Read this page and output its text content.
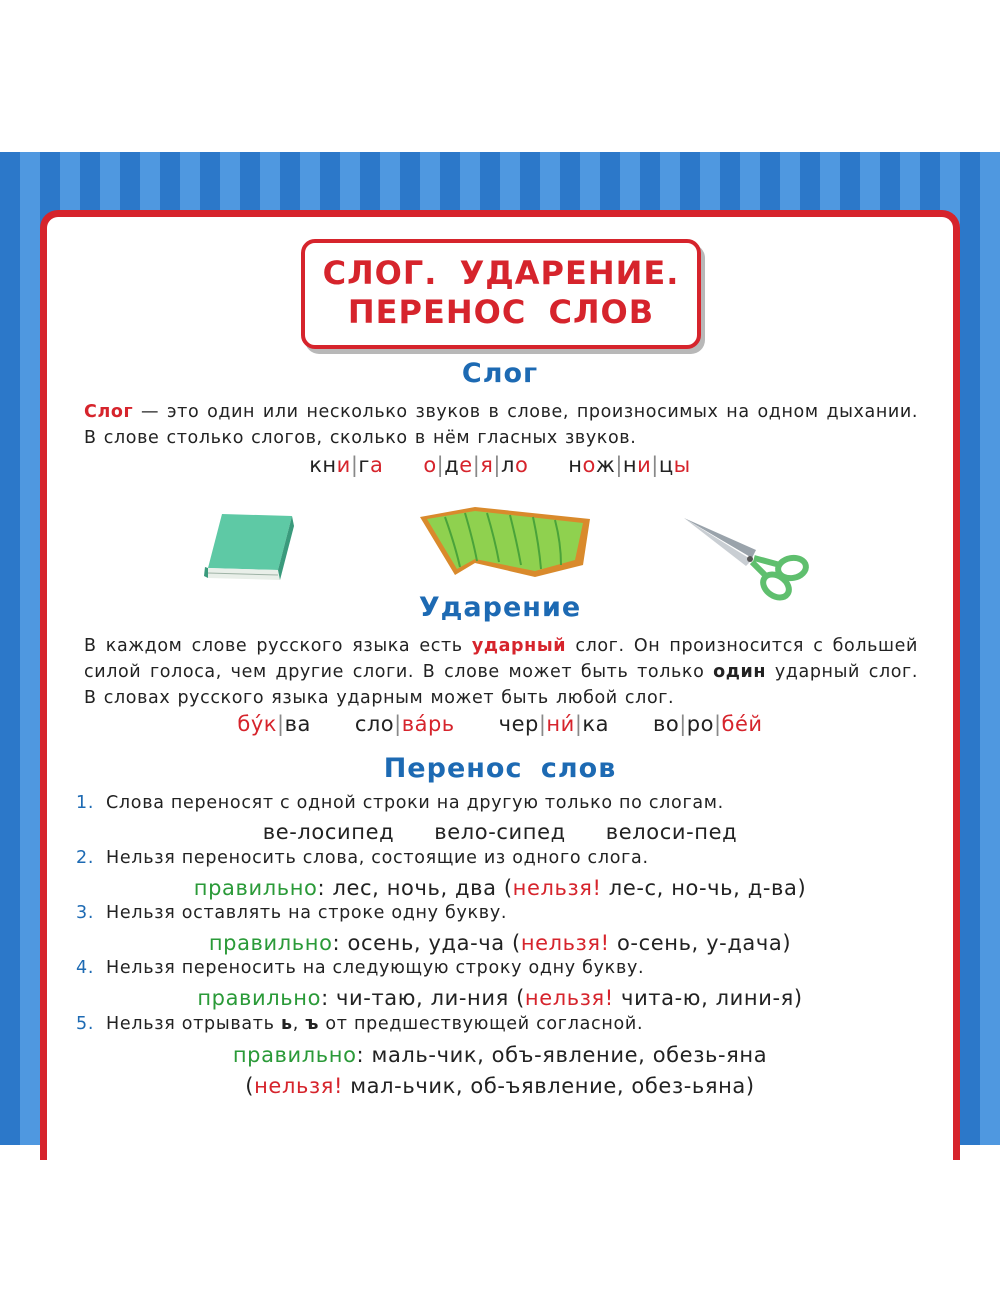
СЛОГ. УДАРЕНИЕ.
ПЕРЕНОС СЛОВ
Слог
Слог — это один или несколько звуков в слове, произносимых на одном дыхании. В слове столько слогов, сколько в нём гласных звуков.
кни|га о|де|я|ло нож|ни|цы
Ударение
В каждом слове русского языка есть ударный слог. Он произносится с большей силой голоса, чем другие слоги. В слове может быть только один ударный слог. В словах русского языка ударным может быть любой слог.
бу́к|ва сло|ва́рь чер|ни́|ка во|ро|бе́й
Перенос слов
1. Слова переносят с одной строки на другую только по слогам.
2. Нельзя переносить слова, состоящие из одного слога.
3. Нельзя оставлять на строке одну букву.
4. Нельзя переносить на следующую строку одну букву.
5. Нельзя отрывать ь, ъ от предшествующей согласной.
ве-лосипед вело-сипед велоси-пед
правильно: лес, ночь, два (нельзя! ле-с, но-чь, д-ва)
правильно: осень, уда-ча (нельзя! о-сень, у-дача)
правильно: чи-таю, ли-ния (нельзя! чита-ю, лини-я)
правильно: маль-чик, объ-явление, обезь-яна
(нельзя! мал-ьчик, об-ъявление, обез-ьяна)
